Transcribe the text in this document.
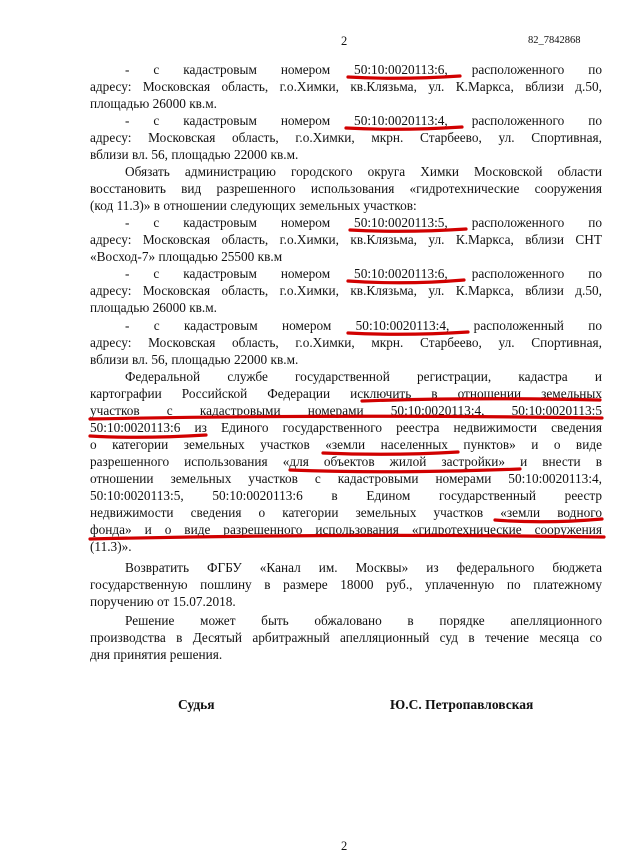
2	82_7842868
- с кадастровым номером 50:10:0020113:6, расположенного по
адресу: Московская область, г.о.Химки, кв.Клязьма, ул. К.Маркса, вблизи д.50,
площадью 26000 кв.м.
- с кадастровым номером 50:10:0020113:4, расположенного по
адресу: Московская область, г.о.Химки, мкрн. Старбеево, ул. Спортивная,
вблизи вл. 56, площадью 22000 кв.м.
Обязать администрацию городского округа Химки Московской области
восстановить вид разрешенного использования «гидротехнические сооружения
(код 11.3)» в отношении следующих земельных участков:
- с кадастровым номером 50:10:0020113:5, расположенного по
адресу: Московская область, г.о.Химки, кв.Клязьма, ул. К.Маркса, вблизи СНТ
«Восход-7» площадью 25500 кв.м
- с кадастровым номером 50:10:0020113:6, расположенного по
адресу: Московская область, г.о.Химки, кв.Клязьма, ул. К.Маркса, вблизи д.50,
площадью 26000 кв.м.
- с кадастровым номером 50:10:0020113:4, расположенный по
адресу: Московская область, г.о.Химки, мкрн. Старбеево, ул. Спортивная,
вблизи вл. 56, площадью 22000 кв.м.
Федеральной службе государственной регистрации, кадастра и
картографии Российской Федерации исключить в отношении земельных
участков с кадастровыми номерами 50:10:0020113:4, 50:10:0020113:5
50:10:0020113:6 из Единого государственного реестра недвижимости сведения
о категории земельных участков «земли населенных пунктов» и о виде
разрешенного использования «для объектов жилой застройки» и внести в
отношении земельных участков с кадастровыми номерами 50:10:0020113:4,
50:10:0020113:5, 50:10:0020113:6 в Едином государственный реестр
недвижимости сведения о категории земельных участков «земли водного
фонда» и о виде разрешенного использования «гидротехнические сооружения
(11.3)».
Возвратить ФГБУ «Канал им. Москвы» из федерального бюджета
государственную пошлину в размере 18000 руб., уплаченную по платежному
поручению от 15.07.2018.
Решение может быть обжаловано в порядке апелляционного
производства в Десятый арбитражный апелляционный суд в течение месяца со
дня принятия решения.
Судья	Ю.С. Петропавловская
2
